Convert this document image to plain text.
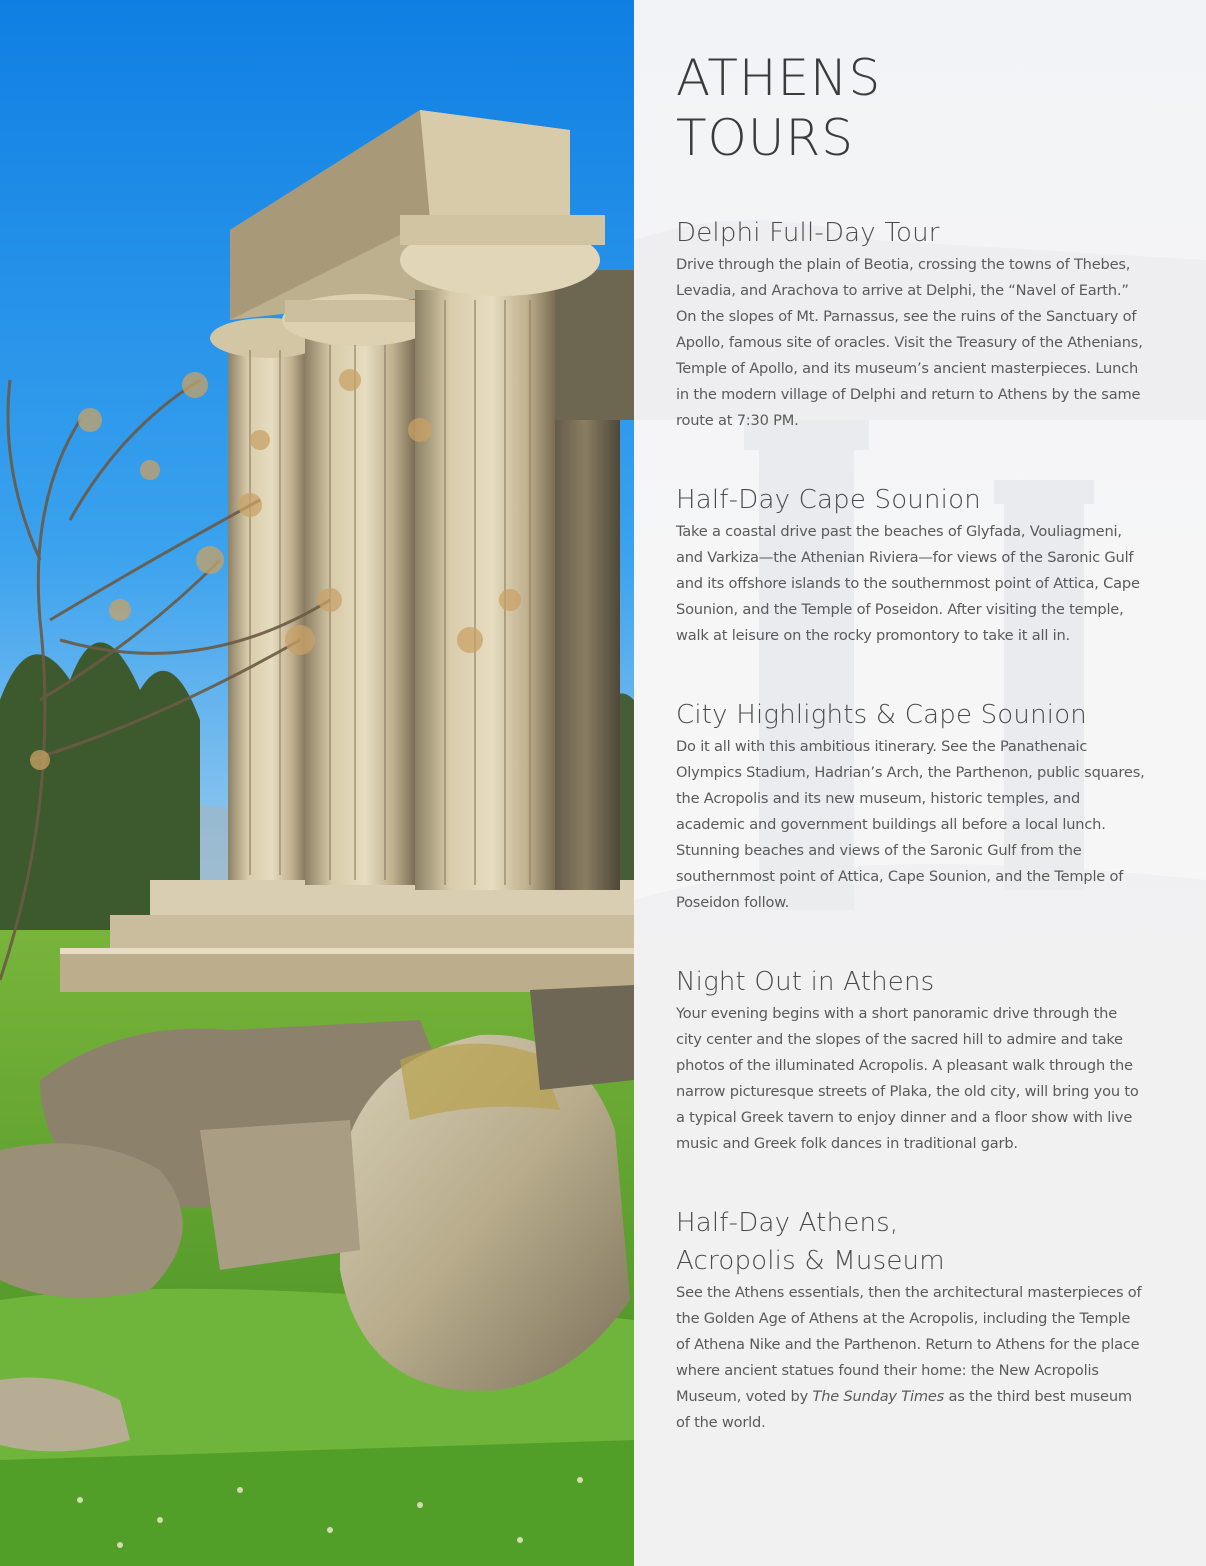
ATHENS
TOURS
Delphi Full-Day Tour

Drive through the plain of Beotia, crossing the towns of Thebes, Levadia, and Arachova to arrive at Delphi, the “Navel of Earth.” On the slopes of Mt. Parnassus, see the ruins of the Sanctuary of Apollo, famous site of oracles. Visit the Treasury of the Athenians, Temple of Apollo, and its museum’s ancient masterpieces. Lunch in the modern village of Delphi and return to Athens by the same route at 7:30 PM.

Half-Day Cape Sounion

Take a coastal drive past the beaches of Glyfada, Vouliagmeni, and Varkiza—the Athenian Riviera—for views of the Saronic Gulf and its offshore islands to the southernmost point of Attica, Cape Sounion, and the Temple of Poseidon. After visiting the temple, walk at leisure on the rocky promontory to take it all in.

City Highlights & Cape Sounion

Do it all with this ambitious itinerary. See the Panathenaic Olympics Stadium, Hadrian’s Arch, the Parthenon, public squares, the Acropolis and its new museum, historic temples, and academic and government buildings all before a local lunch. Stunning beaches and views of the Saronic Gulf from the southernmost point of Attica, Cape Sounion, and the Temple of Poseidon follow.

Night Out in Athens

Your evening begins with a short panoramic drive through the city center and the slopes of the sacred hill to admire and take photos of the illuminated Acropolis. A pleasant walk through the narrow picturesque streets of Plaka, the old city, will bring you to a typical Greek tavern to enjoy dinner and a floor show with live music and Greek folk dances in traditional garb.

Half-Day Athens,
Acropolis & Museum

See the Athens essentials, then the architectural masterpieces of the Golden Age of Athens at the Acropolis, including the Temple of Athena Nike and the Parthenon. Return to Athens for the place where ancient statues found their home: the New Acropolis Museum, voted by The Sunday Times as the third best museum of the world.
